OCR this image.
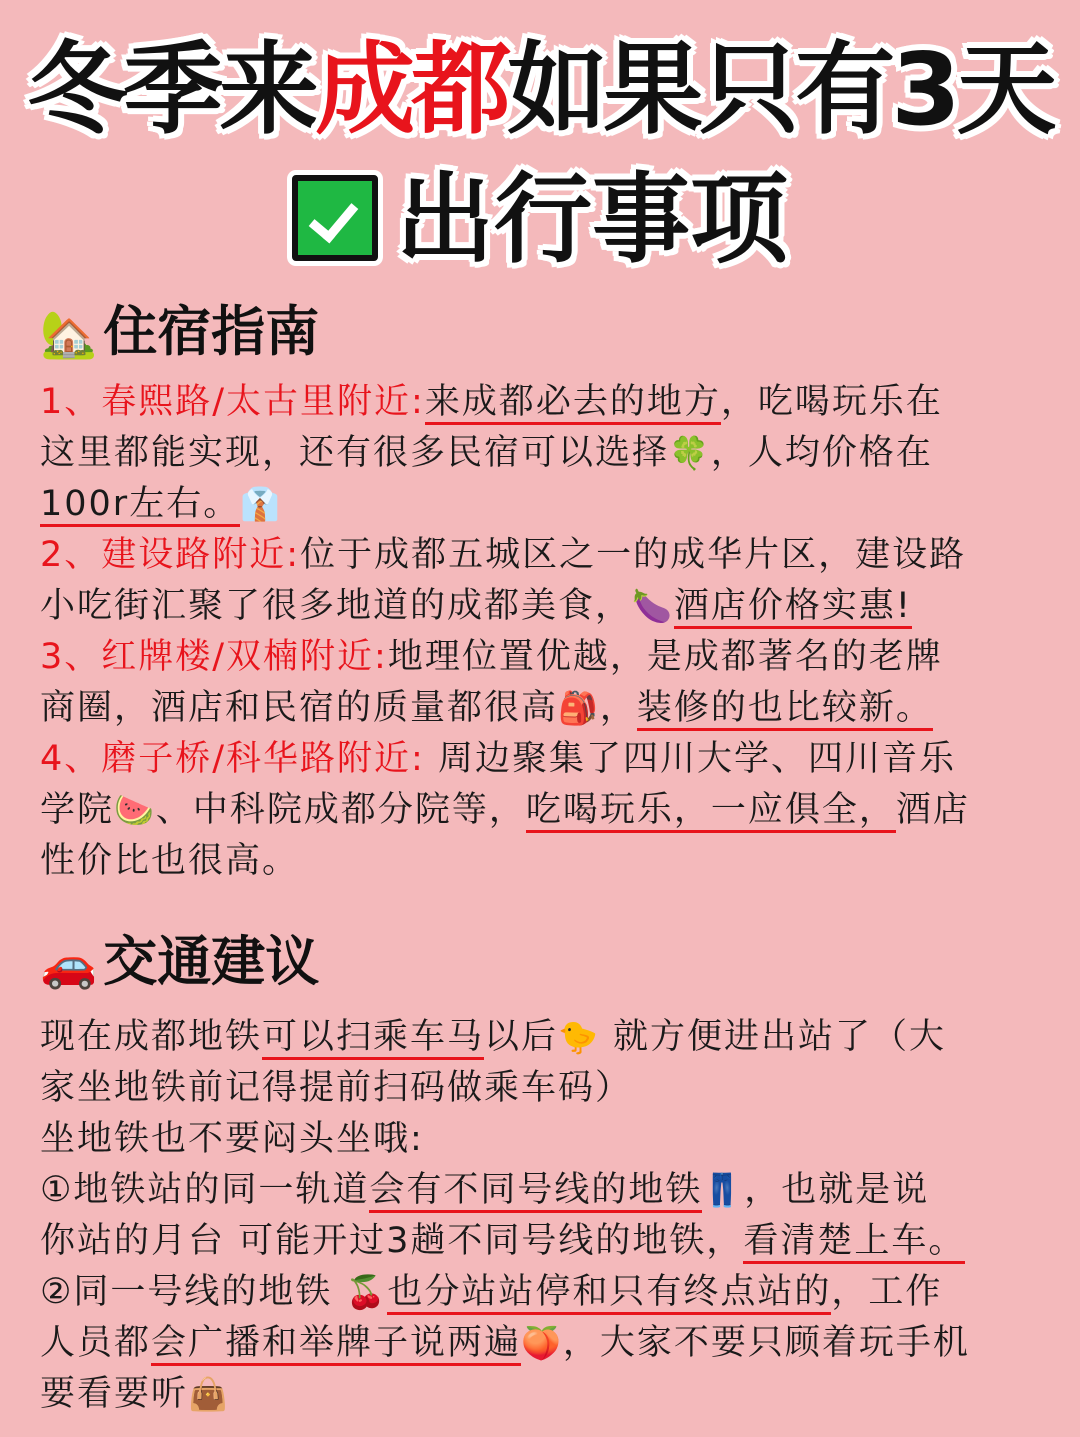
冬季来成都如果只有3天
出行事项
🏡 住宿指南
1、春熙路/太古里附近:来成都必去的地方，吃喝玩乐在
这里都能实现，还有很多民宿可以选择🍀，人均价格在
100r左右。👔
2、建设路附近:位于成都五城区之一的成华片区，建设路
小吃街汇聚了很多地道的成都美食，🍆酒店价格实惠!
3、红牌楼/双楠附近:地理位置优越，是成都著名的老牌
商圈，酒店和民宿的质量都很高🎒，装修的也比较新。
4、磨子桥/科华路附近: 周边聚集了四川大学、四川音乐
学院🍉、中科院成都分院等，吃喝玩乐，一应俱全，酒店
性价比也很高。
🚗 交通建议
现在成都地铁可以扫乘车马以后🐤 就方便进出站了（大
家坐地铁前记得提前扫码做乘车码）
坐地铁也不要闷头坐哦:
①地铁站的同一轨道会有不同号线的地铁👖，也就是说
你站的月台 可能开过3趟不同号线的地铁，看清楚上车。
②同一号线的地铁 🍒也分站站停和只有终点站的，工作
人员都会广播和举牌子说两遍🍑，大家不要只顾着玩手机
要看要听👜
